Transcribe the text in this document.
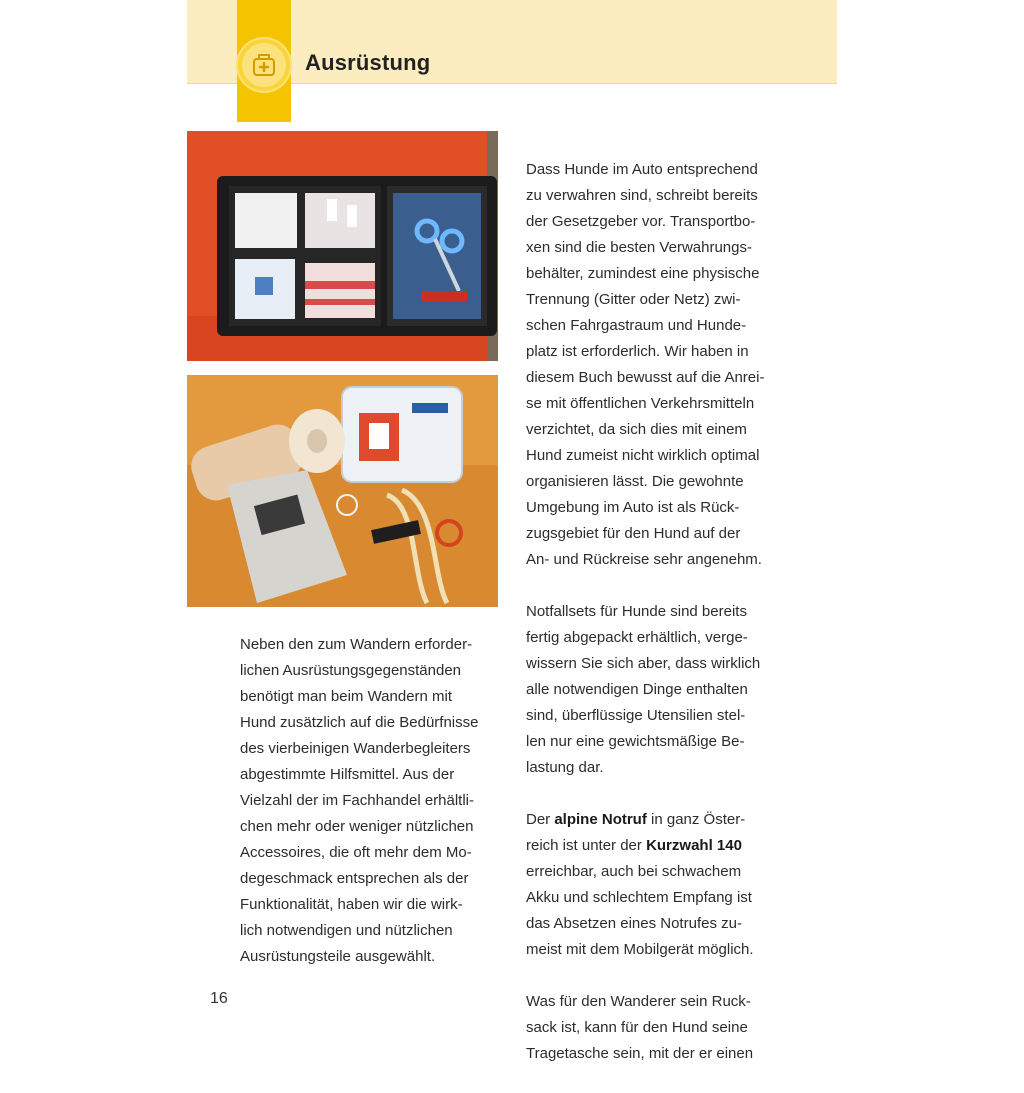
Ausrüstung

Neben den zum Wandern erforder-
lichen Ausrüstungsgegenständen
benötigt man beim Wandern mit
Hund zusätzlich auf die Bedürfnisse
des vierbeinigen Wanderbegleiters
abgestimmte Hilfsmittel. Aus der
Vielzahl der im Fachhandel erhältli-
chen mehr oder weniger nützlichen
Accessoires, die oft mehr dem Mo-
degeschmack entsprechen als der
Funktionalität, haben wir die wirk-
lich notwendigen und nützlichen
Ausrüstungsteile ausgewählt.

Dass Hunde im Auto entsprechend
zu verwahren sind, schreibt bereits
der Gesetzgeber vor. Transportbo-
xen sind die besten Verwahrungs-
behälter, zumindest eine physische
Trennung (Gitter oder Netz) zwi-
schen Fahrgastraum und Hunde-
platz ist erforderlich. Wir haben in
diesem Buch bewusst auf die Anrei-
se mit öffentlichen Verkehrsmitteln
verzichtet, da sich dies mit einem
Hund zumeist nicht wirklich optimal
organisieren lässt. Die gewohnte
Umgebung im Auto ist als Rück-
zugsgebiet für den Hund auf der
An- und Rückreise sehr angenehm.

Notfallsets für Hunde sind bereits
fertig abgepackt erhältlich, verge-
wissern Sie sich aber, dass wirklich
alle notwendigen Dinge enthalten
sind, überflüssige Utensilien stel-
len nur eine gewichtsmäßige Be-
lastung dar.

Der alpine Notruf in ganz Öster-
reich ist unter der Kurzwahl 140
erreichbar, auch bei schwachem
Akku und schlechtem Empfang ist
das Absetzen eines Notrufes zu-
meist mit dem Mobilgerät möglich.

Was für den Wanderer sein Ruck-
sack ist, kann für den Hund seine
Tragetasche sein, mit der er einen

16
